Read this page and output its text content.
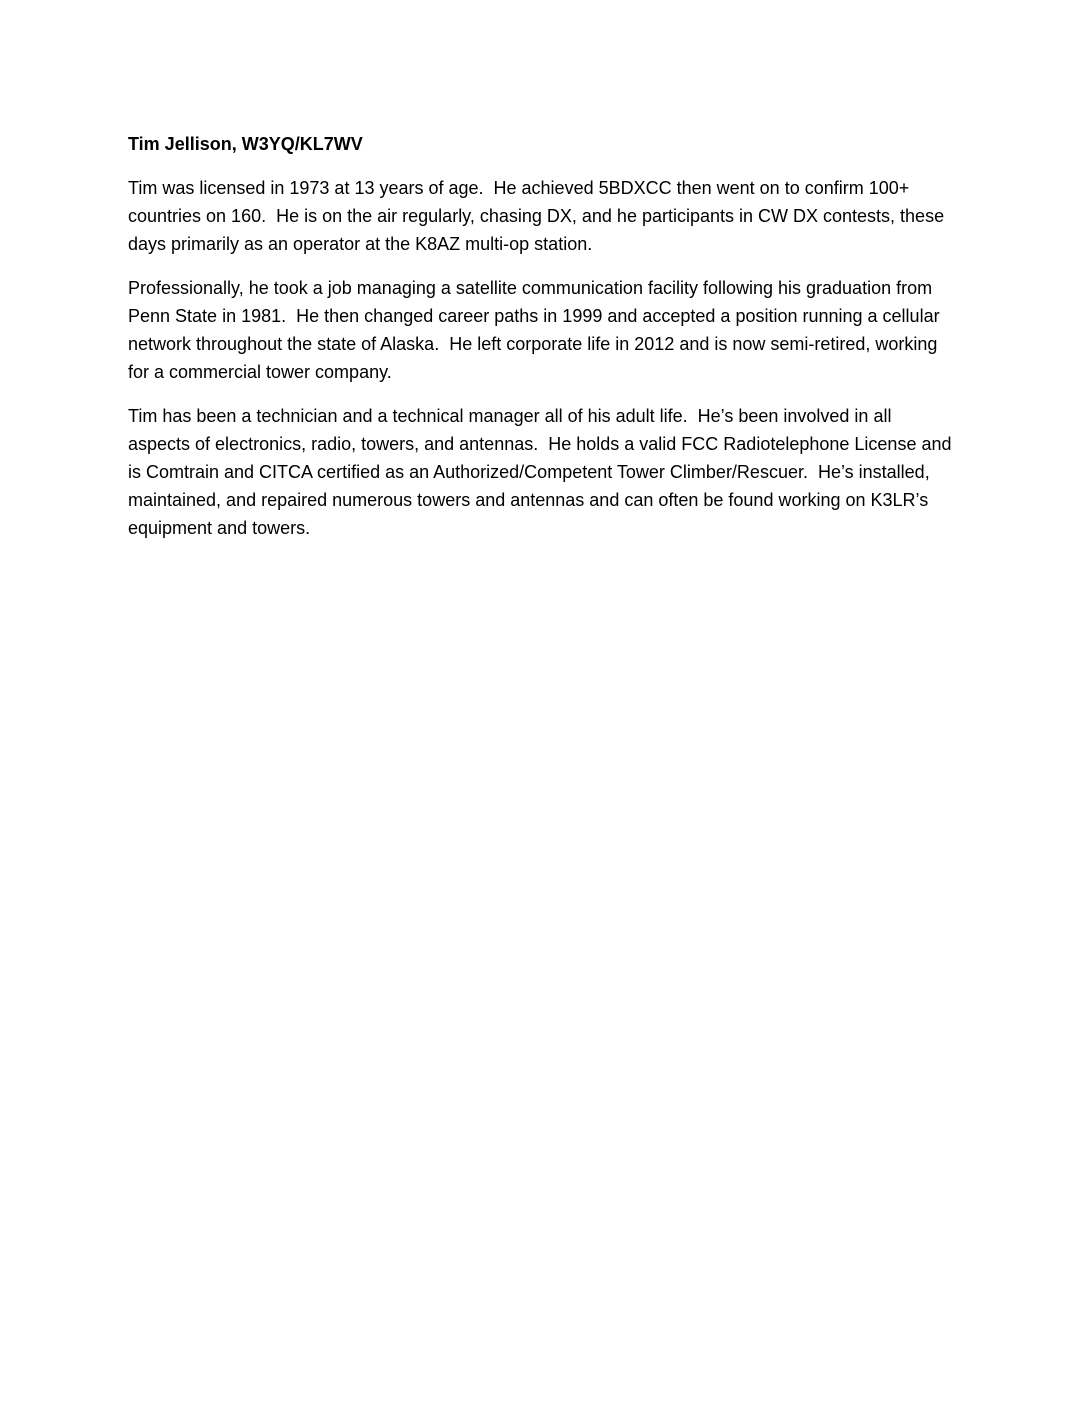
Tim Jellison, W3YQ/KL7WV

Tim was licensed in 1973 at 13 years of age.  He achieved 5BDXCC then went on to confirm 100+ countries on 160.  He is on the air regularly, chasing DX, and he participants in CW DX contests, these days primarily as an operator at the K8AZ multi-op station.

Professionally, he took a job managing a satellite communication facility following his graduation from Penn State in 1981.  He then changed career paths in 1999 and accepted a position running a cellular network throughout the state of Alaska.  He left corporate life in 2012 and is now semi-retired, working for a commercial tower company.

Tim has been a technician and a technical manager all of his adult life.  He’s been involved in all aspects of electronics, radio, towers, and antennas.  He holds a valid FCC Radiotelephone License and is Comtrain and CITCA certified as an Authorized/Competent Tower Climber/Rescuer.  He’s installed, maintained, and repaired numerous towers and antennas and can often be found working on K3LR’s equipment and towers.
